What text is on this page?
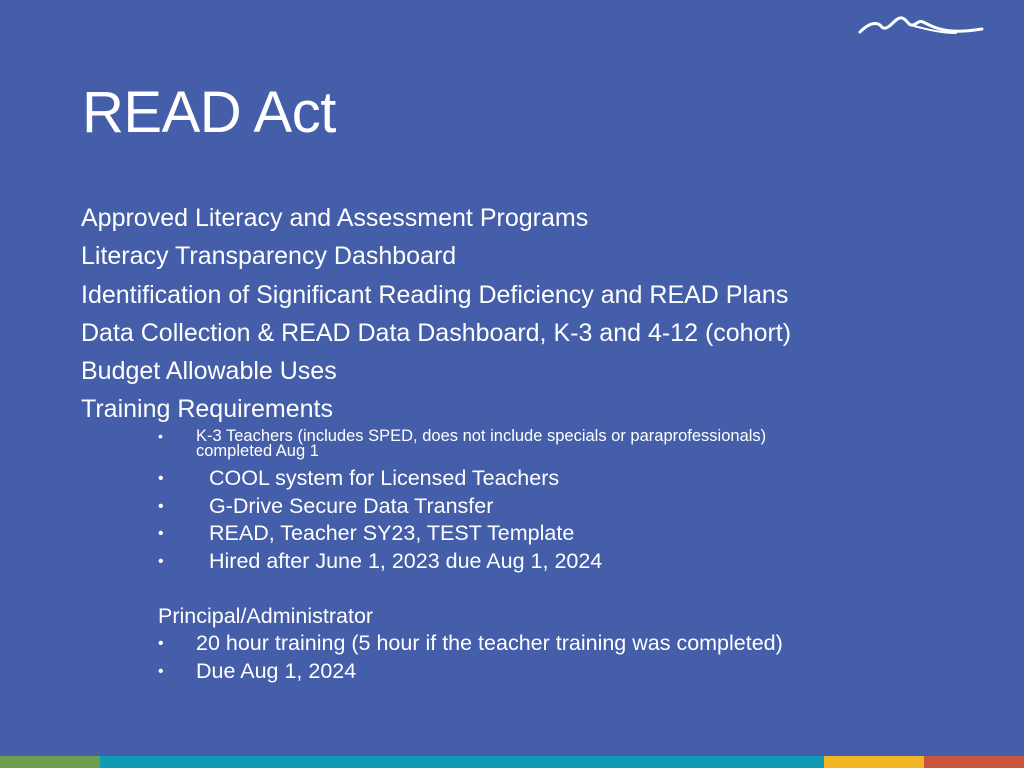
READ Act
Approved Literacy and Assessment Programs
Literacy Transparency Dashboard
Identification of Significant Reading Deficiency and READ Plans
Data Collection & READ Data Dashboard, K-3 and 4-12 (cohort)
Budget Allowable Uses
Training Requirements
• K-3 Teachers (includes SPED, does not include specials or paraprofessionals)
completed Aug 1
• COOL system for Licensed Teachers
• G-Drive Secure Data Transfer
• READ, Teacher SY23, TEST Template
• Hired after June 1, 2023 due Aug 1, 2024
Principal/Administrator
• 20 hour training (5 hour if the teacher training was completed)
• Due Aug 1, 2024
